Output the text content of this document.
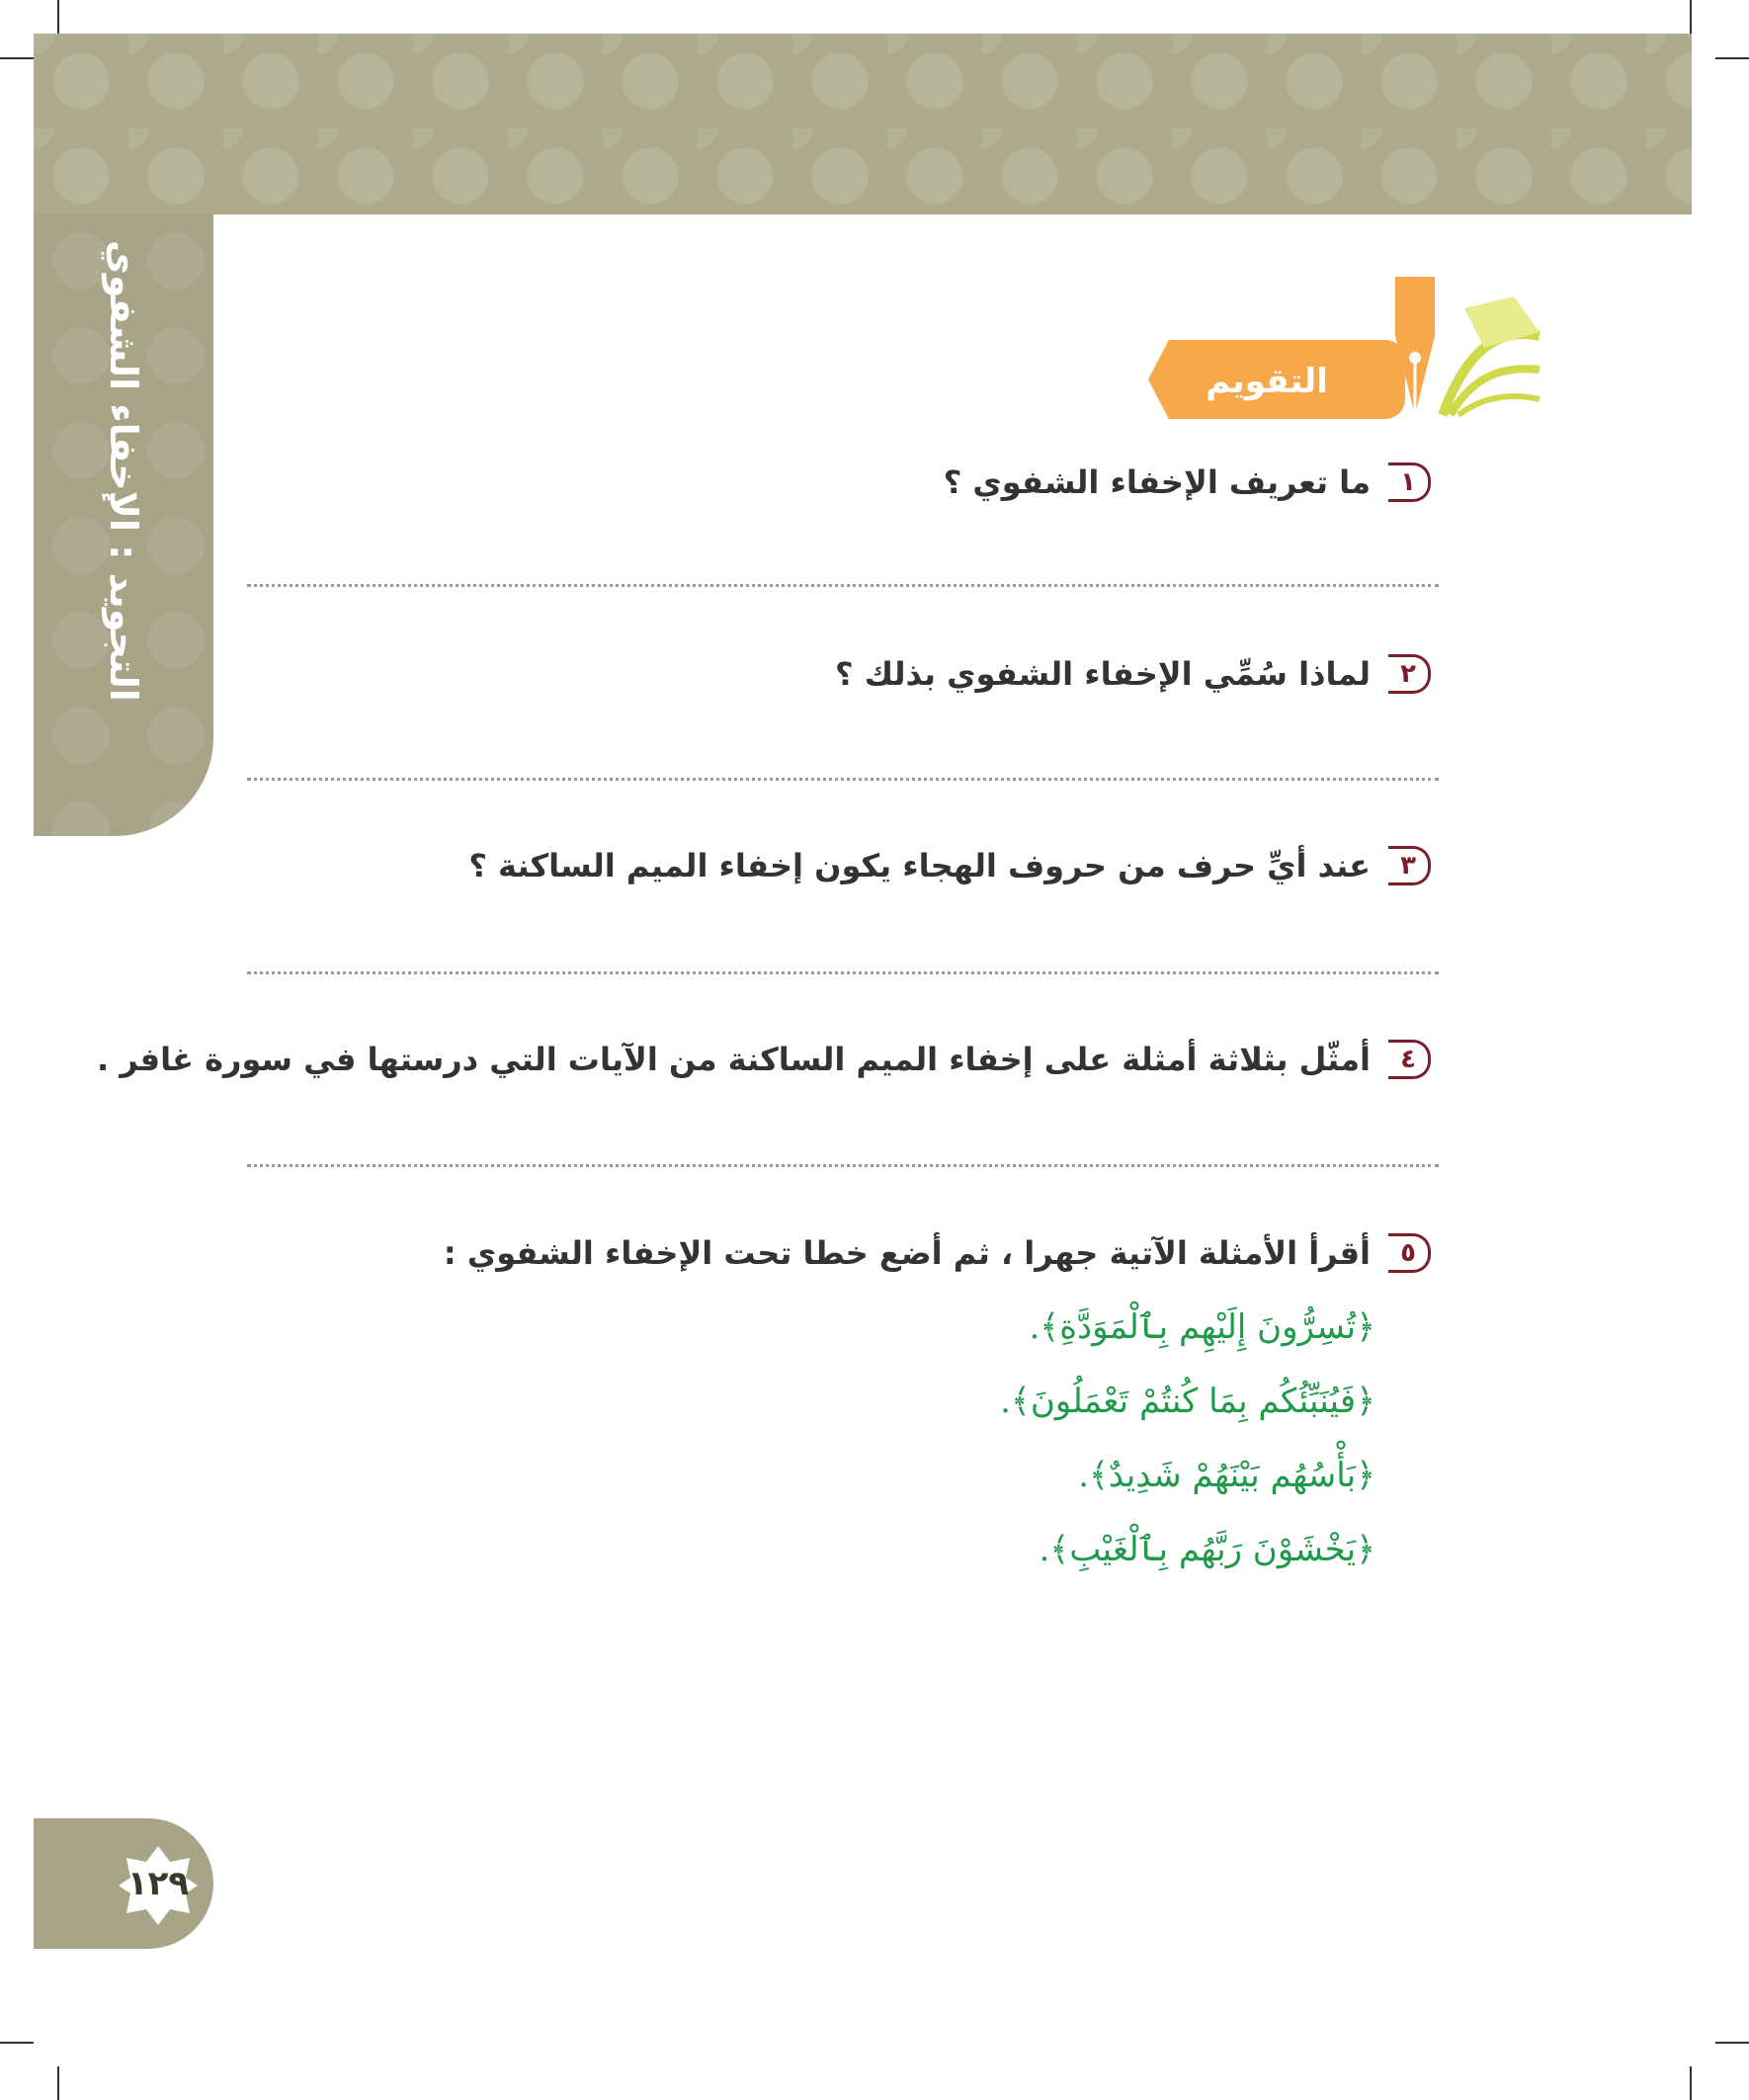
التجويد : الإخفاء الشفوي	التقويم
١
ما تعريف الإخفاء الشفوي ؟
٢
لماذا سُمِّي الإخفاء الشفوي بذلك ؟
٣
عند أيِّ حرف من حروف الهجاء يكون إخفاء الميم الساكنة ؟
٤
أمثّل بثلاثة أمثلة على إخفاء الميم الساكنة من الآيات التي درستها في سورة غافر .
٥
أقرأ الأمثلة الآتية جهرا ، ثم أضع خطا تحت الإخفاء الشفوي :
﴿تُسِرُّونَ إِلَيْهِم بِٱلْمَوَدَّةِ﴾.
﴿فَيُنَبِّئُكُم بِمَا كُنتُمْ تَعْمَلُونَ﴾.
﴿بَأْسُهُم بَيْنَهُمْ شَدِيدٌ﴾.
﴿يَخْشَوْنَ رَبَّهُم بِٱلْغَيْبِ﴾.
١٢٩
